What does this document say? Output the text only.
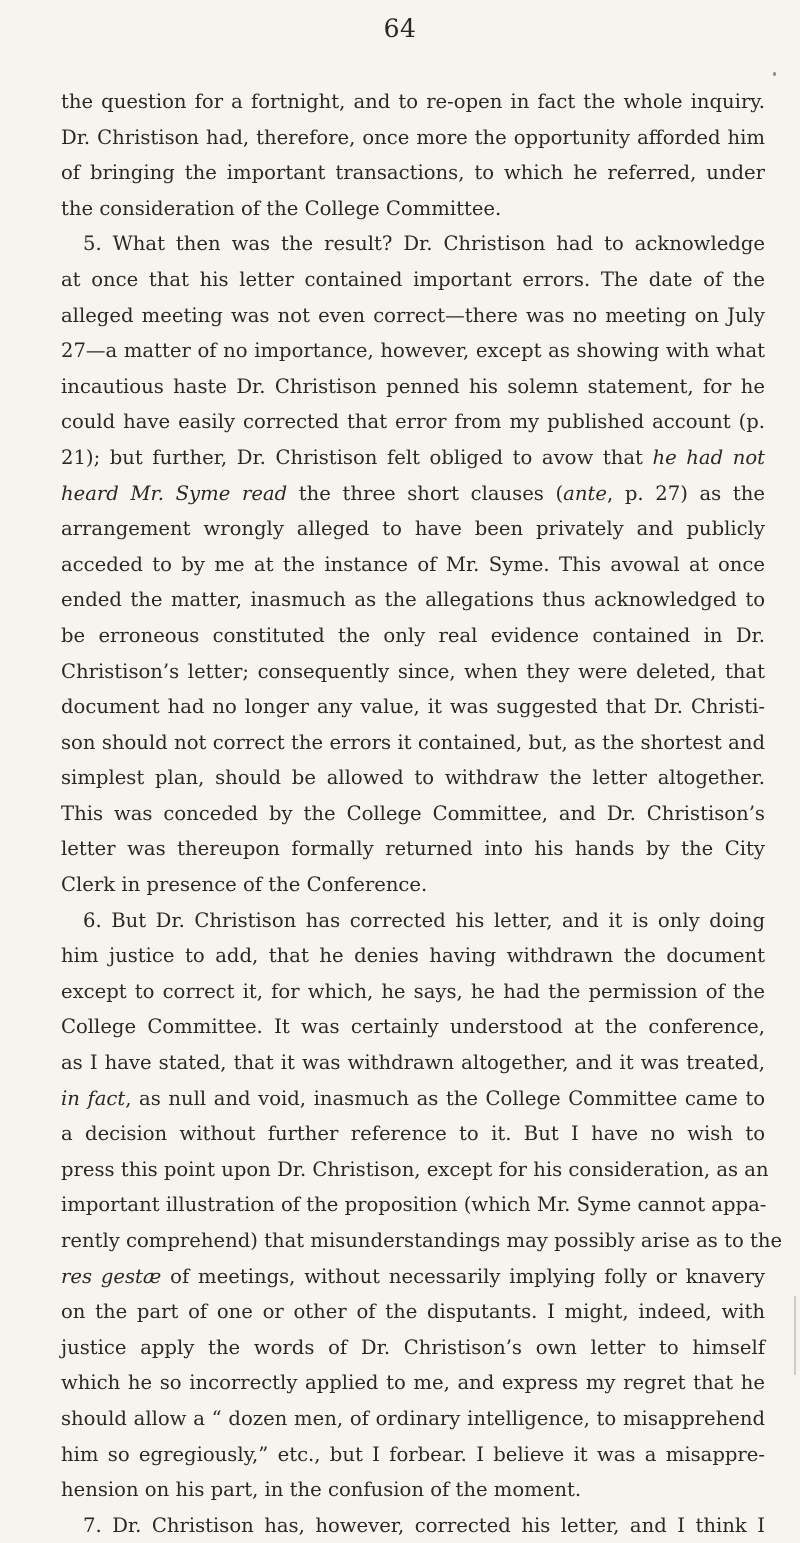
64
the question for a fortnight, and to re-open in fact the whole inquiry.
Dr. Christison had, therefore, once more the opportunity afforded him
of bringing the important transactions, to which he referred, under
the consideration of the College Committee.
5. What then was the result? Dr. Christison had to acknowledge
at once that his letter contained important errors. The date of the
alleged meeting was not even correct—there was no meeting on July
27—a matter of no importance, however, except as showing with what
incautious haste Dr. Christison penned his solemn statement, for he
could have easily corrected that error from my published account (p.
21); but further, Dr. Christison felt obliged to avow that he had not
heard Mr. Syme read the three short clauses (ante, p. 27) as the
arrangement wrongly alleged to have been privately and publicly
acceded to by me at the instance of Mr. Syme. This avowal at once
ended the matter, inasmuch as the allegations thus acknowledged to
be erroneous constituted the only real evidence contained in Dr.
Christison’s letter; consequently since, when they were deleted, that
document had no longer any value, it was suggested that Dr. Christi-
son should not correct the errors it contained, but, as the shortest and
simplest plan, should be allowed to withdraw the letter altogether.
This was conceded by the College Committee, and Dr. Christison’s
letter was thereupon formally returned into his hands by the City
Clerk in presence of the Conference.
6. But Dr. Christison has corrected his letter, and it is only doing
him justice to add, that he denies having withdrawn the document
except to correct it, for which, he says, he had the permission of the
College Committee. It was certainly understood at the conference,
as I have stated, that it was withdrawn altogether, and it was treated,
in fact, as null and void, inasmuch as the College Committee came to
a decision without further reference to it. But I have no wish to
press this point upon Dr. Christison, except for his consideration, as an
important illustration of the proposition (which Mr. Syme cannot appa-
rently comprehend) that misunderstandings may possibly arise as to the
res gestæ of meetings, without necessarily implying folly or knavery
on the part of one or other of the disputants. I might, indeed, with
justice apply the words of Dr. Christison’s own letter to himself
which he so incorrectly applied to me, and express my regret that he
should allow a “ dozen men, of ordinary intelligence, to misapprehend
him so egregiously,” etc., but I forbear. I believe it was a misappre-
hension on his part, in the confusion of the moment.
7. Dr. Christison has, however, corrected his letter, and I think I
